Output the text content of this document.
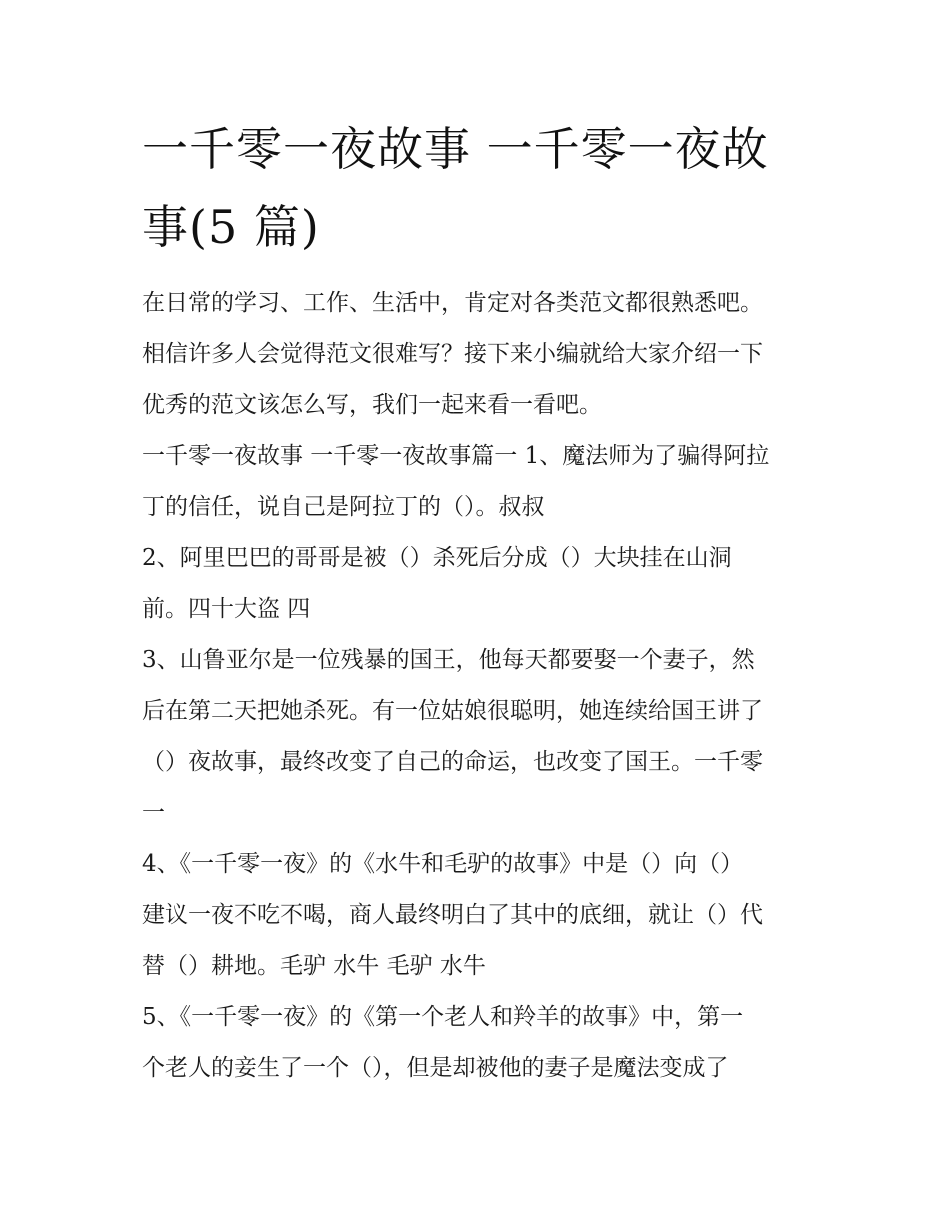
一千零一夜故事 一千零一夜故
事(5 篇)
在日常的学习、工作、生活中，肯定对各类范文都很熟悉吧。
相信许多人会觉得范文很难写？接下来小编就给大家介绍一下
优秀的范文该怎么写，我们一起来看一看吧。
一千零一夜故事 一千零一夜故事篇一 1、魔法师为了骗得阿拉
丁的信任，说自己是阿拉丁的（）。叔叔
2、阿里巴巴的哥哥是被（）杀死后分成（）大块挂在山洞
前。四十大盗 四
3、山鲁亚尔是一位残暴的国王，他每天都要娶一个妻子，然
后在第二天把她杀死。有一位姑娘很聪明，她连续给国王讲了
（）夜故事，最终改变了自己的命运，也改变了国王。一千零
一
4、《一千零一夜》的《水牛和毛驴的故事》中是（）向（）
建议一夜不吃不喝，商人最终明白了其中的底细，就让（）代
替（）耕地。毛驴 水牛 毛驴 水牛
5、《一千零一夜》的《第一个老人和羚羊的故事》中，第一
个老人的妾生了一个（），但是却被他的妻子是魔法变成了
